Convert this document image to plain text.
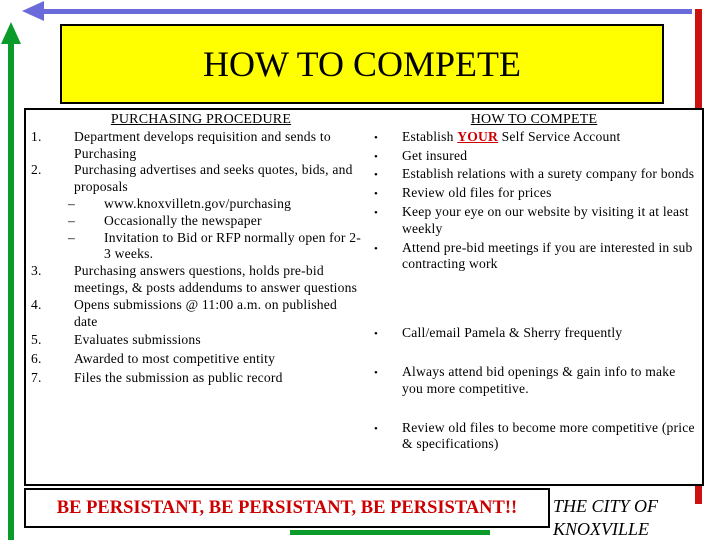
HOW TO COMPETE
PURCHASING PROCEDURE
1. Department develops requisition and sends to Purchasing
2. Purchasing advertises and seeks quotes, bids, and proposals
– www.knoxvilletn.gov/purchasing
– Occasionally the newspaper
– Invitation to Bid or RFP normally open for 2-3 weeks.
3. Purchasing answers questions, holds pre-bid meetings, & posts addendums to answer questions
4. Opens submissions @ 11:00 a.m. on published date
5. Evaluates submissions
6. Awarded to most competitive entity
7. Files the submission as public record
HOW TO COMPETE
• Establish YOUR Self Service Account
• Get insured
• Establish relations with a surety company for bonds
• Review old files for prices
• Keep your eye on our website by visiting it at least weekly
• Attend pre-bid meetings if you are interested in sub contracting work
• Call/email Pamela & Sherry frequently
• Always attend bid openings & gain info to make you more competitive.
• Review old files to become more competitive (price & specifications)
BE PERSISTANT, BE PERSISTANT, BE PERSISTANT!!	THE CITY OF
KNOXVILLE
